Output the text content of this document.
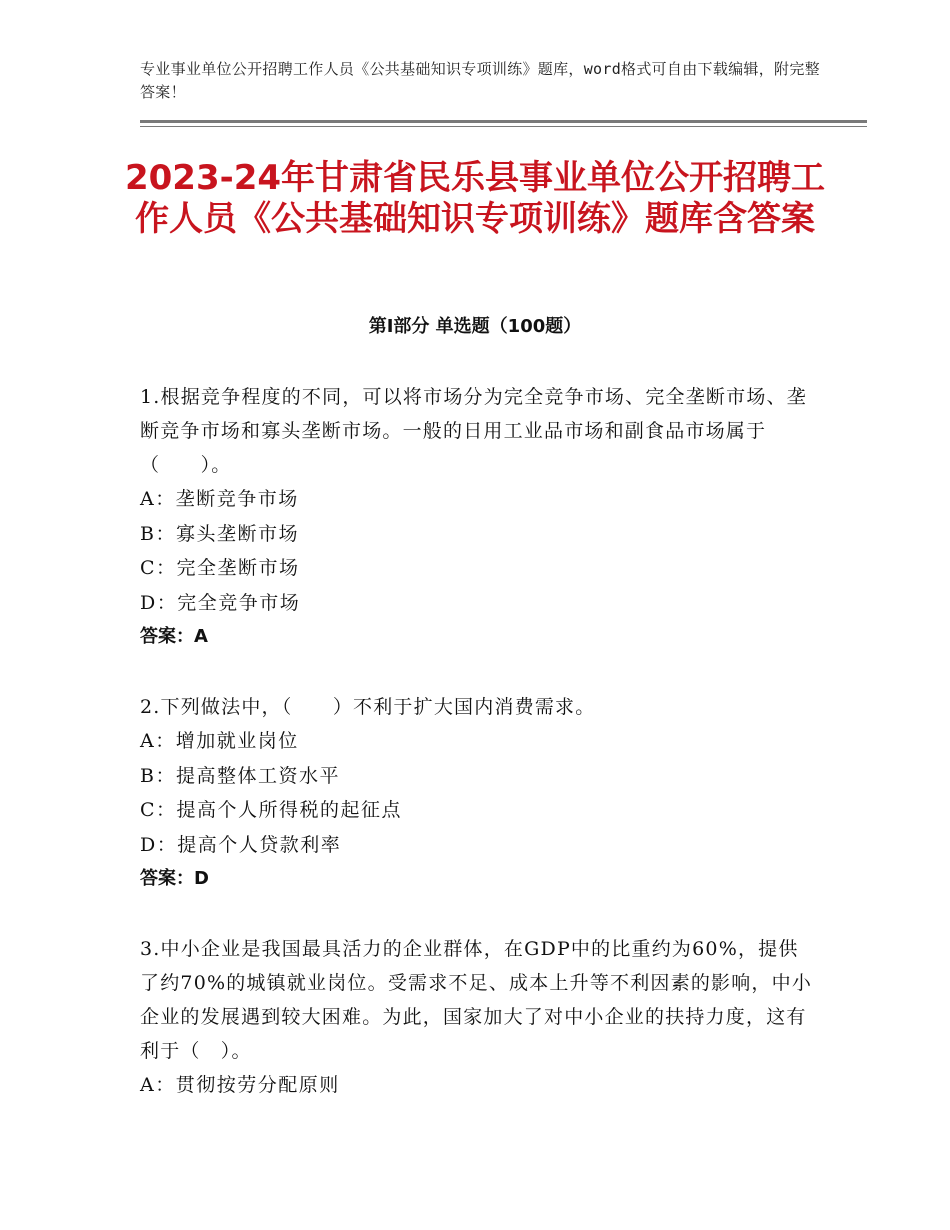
专业事业单位公开招聘工作人员《公共基础知识专项训练》题库，word格式可自由下载编辑，附完整答案！
2023-24年甘肃省民乐县事业单位公开招聘工作人员《公共基础知识专项训练》题库含答案
第Ⅰ部分 单选题（100题）
1.根据竞争程度的不同，可以将市场分为完全竞争市场、完全垄断市场、垄断竞争市场和寡头垄断市场。一般的日用工业品市场和副食品市场属于（　　）。
A：垄断竞争市场
B：寡头垄断市场
C：完全垄断市场
D：完全竞争市场
答案：A
2.下列做法中，（　　）不利于扩大国内消费需求。
A：增加就业岗位
B：提高整体工资水平
C：提高个人所得税的起征点
D：提高个人贷款利率
答案：D
3.中小企业是我国最具活力的企业群体，在GDP中的比重约为60%，提供了约70%的城镇就业岗位。受需求不足、成本上升等不利因素的影响，中小企业的发展遇到较大困难。为此，国家加大了对中小企业的扶持力度，这有利于（　）。
A：贯彻按劳分配原则
